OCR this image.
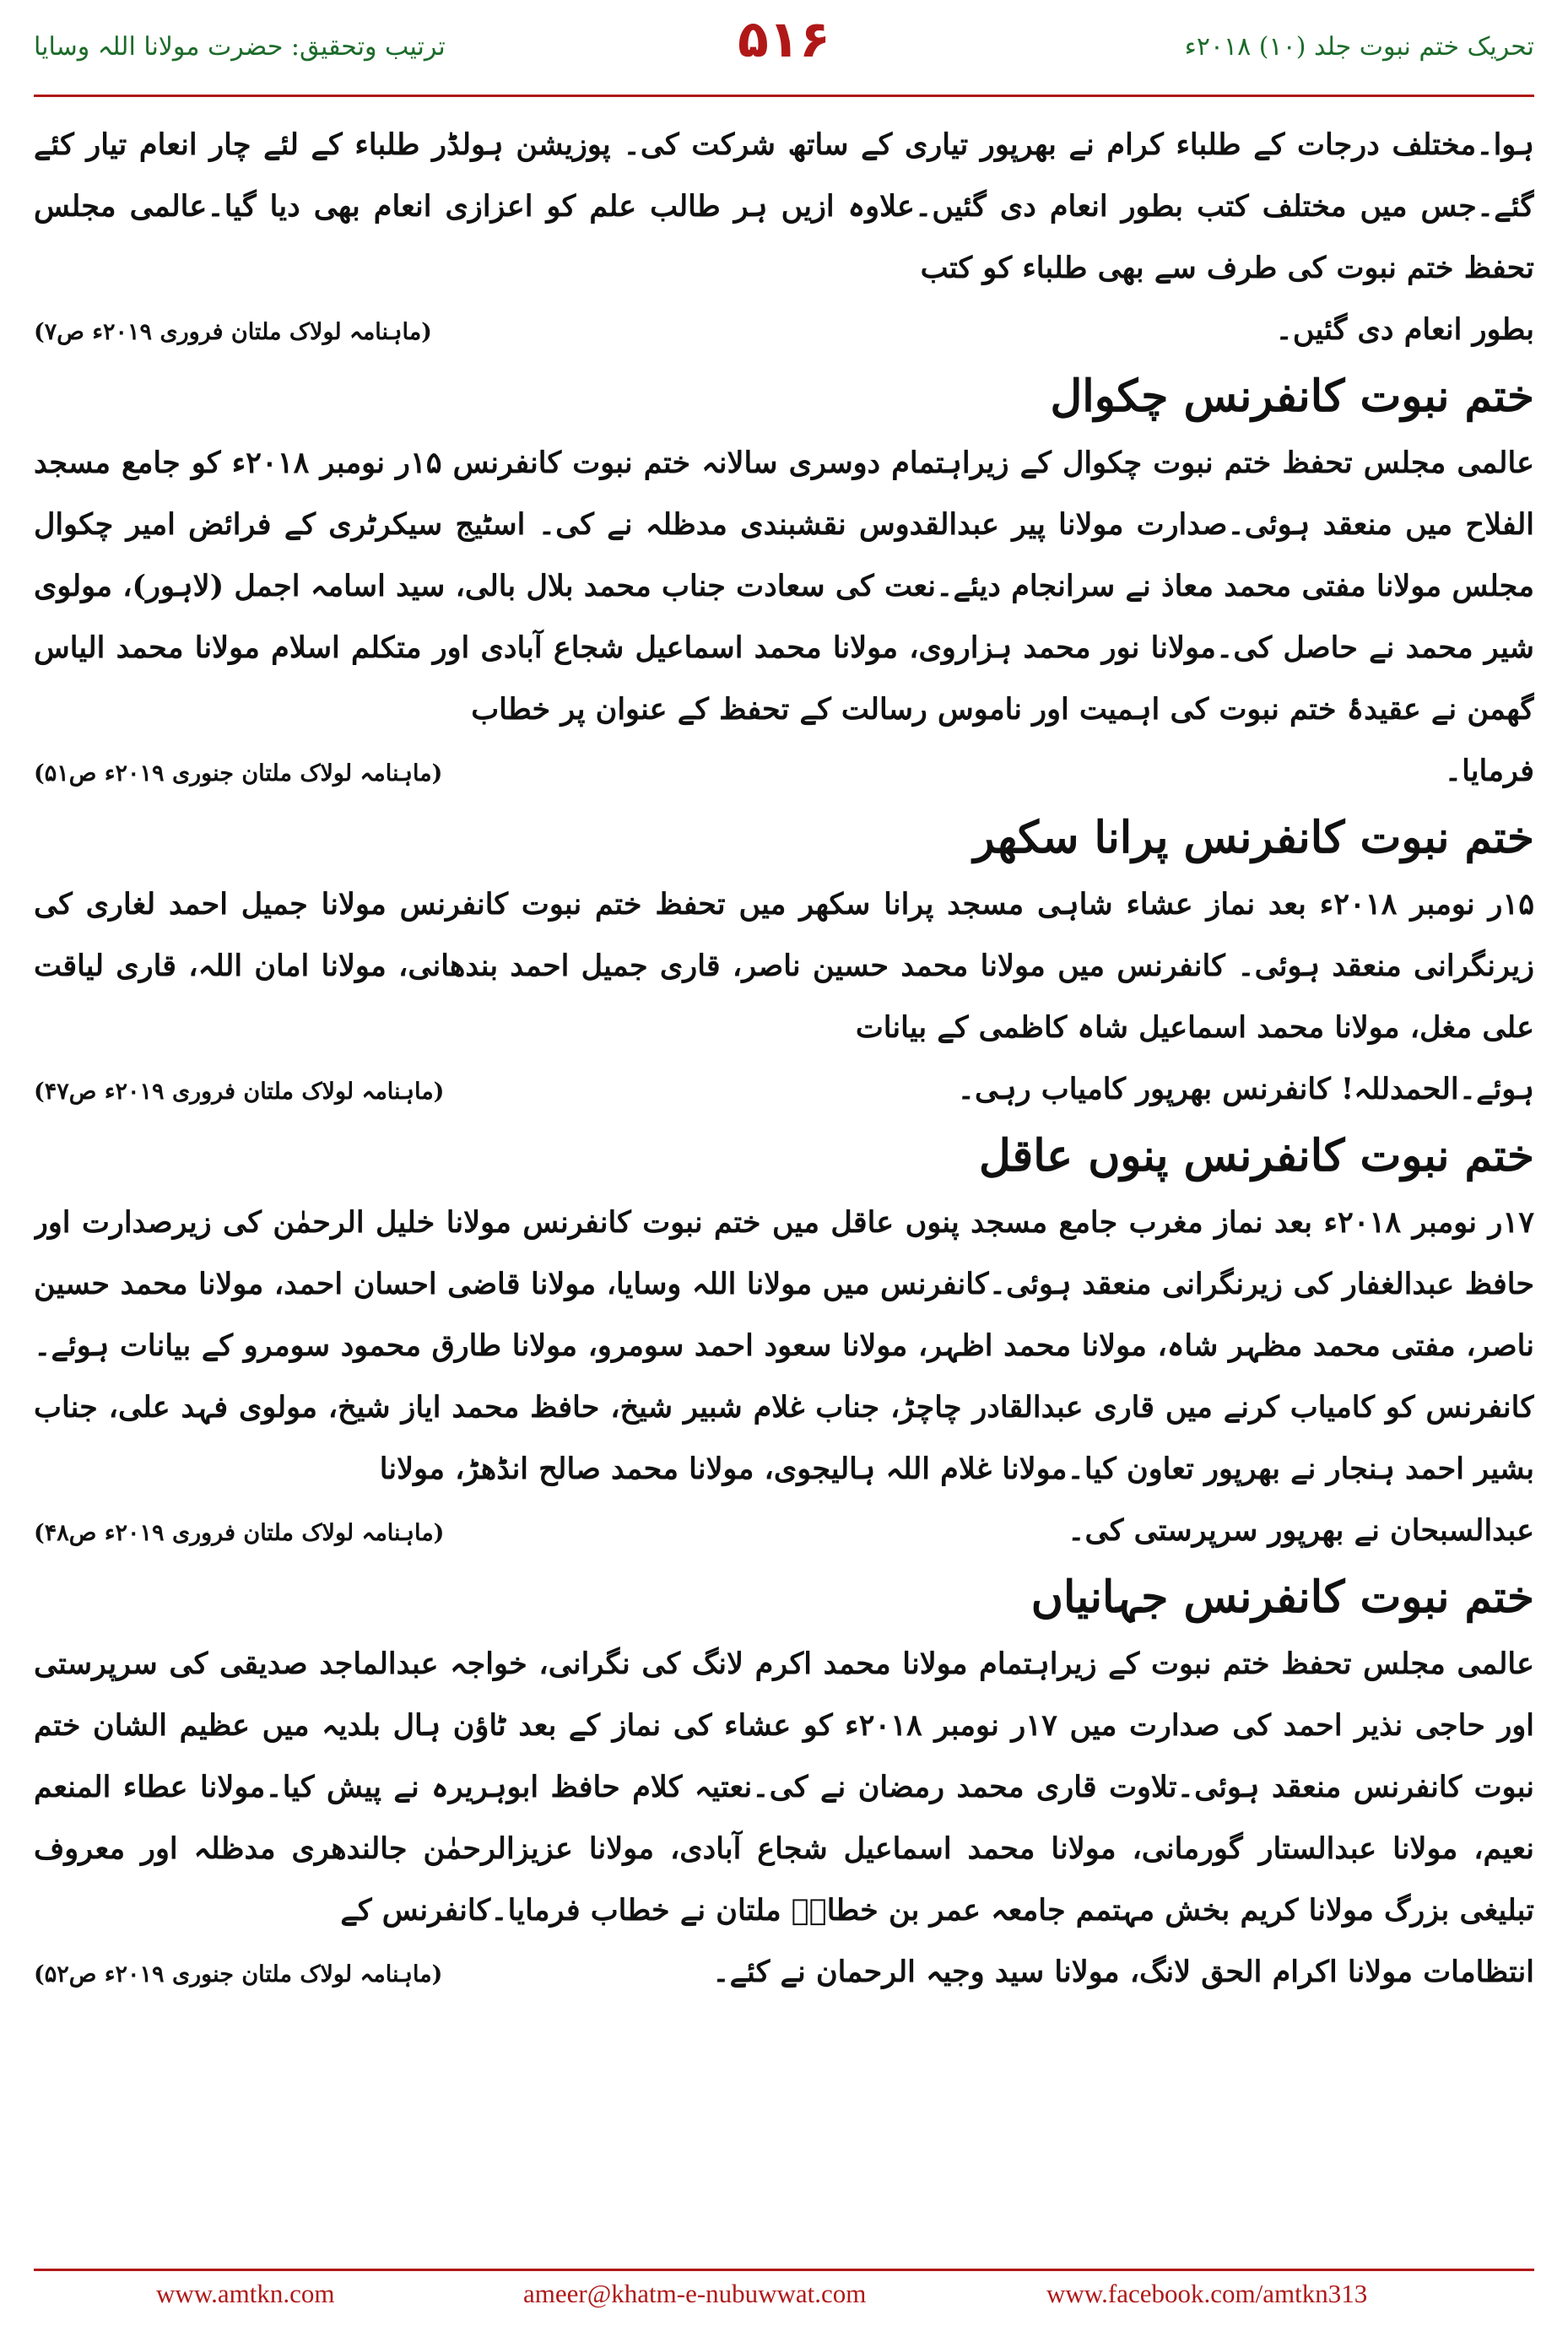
ترتیب وتحقیق: حضرت مولانا اللہ وسایا	۵۱۶	تحریک ختم نبوت جلد (۱۰) ۲۰۱۸ء

ہوا۔مختلف درجات کے طلباء کرام نے بھرپور تیاری کے ساتھ شرکت کی۔ پوزیشن ہولڈر طلباء کے لئے چار انعام تیار کئے گئے۔جس میں مختلف کتب بطور انعام دی گئیں۔علاوہ ازیں ہر طالب علم کو اعزازی انعام بھی دیا گیا۔عالمی مجلس تحفظ ختم نبوت کی طرف سے بھی طلباء کو کتب

بطور انعام دی گئیں۔
(ماہنامہ لولاک ملتان فروری ۲۰۱۹ء ص۷)
ختم نبوت کانفرنس چکوال

عالمی مجلس تحفظ ختم نبوت چکوال کے زیراہتمام دوسری سالانہ ختم نبوت کانفرنس ۱۵ر نومبر ۲۰۱۸ء کو جامع مسجد الفلاح میں منعقد ہوئی۔صدارت مولانا پیر عبدالقدوس نقشبندی مدظلہ نے کی۔ اسٹیج سیکرٹری کے فرائض امیر چکوال مجلس مولانا مفتی محمد معاذ نے سرانجام دیئے۔نعت کی سعادت جناب محمد بلال بالی، سید اسامہ اجمل (لاہور)، مولوی شیر محمد نے حاصل کی۔مولانا نور محمد ہزاروی، مولانا محمد اسماعیل شجاع آبادی اور متکلم اسلام مولانا محمد الیاس گھمن نے عقیدۂ ختم نبوت کی اہمیت اور ناموس رسالت کے تحفظ کے عنوان پر خطاب

فرمایا۔
(ماہنامہ لولاک ملتان جنوری ۲۰۱۹ء ص۵۱)
ختم نبوت کانفرنس پرانا سکھر

۱۵ر نومبر ۲۰۱۸ء بعد نماز عشاء شاہی مسجد پرانا سکھر میں تحفظ ختم نبوت کانفرنس مولانا جمیل احمد لغاری کی زیرنگرانی منعقد ہوئی۔ کانفرنس میں مولانا محمد حسین ناصر، قاری جمیل احمد بندھانی، مولانا امان اللہ، قاری لیاقت علی مغل، مولانا محمد اسماعیل شاہ کاظمی کے بیانات

ہوئے۔الحمدللہ! کانفرنس بھرپور کامیاب رہی۔
(ماہنامہ لولاک ملتان فروری ۲۰۱۹ء ص۴۷)
ختم نبوت کانفرنس پنوں عاقل

۱۷ر نومبر ۲۰۱۸ء بعد نماز مغرب جامع مسجد پنوں عاقل میں ختم نبوت کانفرنس مولانا خلیل الرحمٰن کی زیرصدارت اور حافظ عبدالغفار کی زیرنگرانی منعقد ہوئی۔کانفرنس میں مولانا اللہ وسایا، مولانا قاضی احسان احمد، مولانا محمد حسین ناصر، مفتی محمد مظہر شاہ، مولانا محمد اظہر، مولانا سعود احمد سومرو، مولانا طارق محمود سومرو کے بیانات ہوئے۔کانفرنس کو کامیاب کرنے میں قاری عبدالقادر چاچڑ، جناب غلام شبیر شیخ، حافظ محمد ایاز شیخ، مولوی فہد علی، جناب بشیر احمد ہنجار نے بھرپور تعاون کیا۔مولانا غلام اللہ ہالیجوی، مولانا محمد صالح انڈھڑ، مولانا

عبدالسبحان نے بھرپور سرپرستی کی۔
(ماہنامہ لولاک ملتان فروری ۲۰۱۹ء ص۴۸)
ختم نبوت کانفرنس جہانیاں

عالمی مجلس تحفظ ختم نبوت کے زیراہتمام مولانا محمد اکرم لانگ کی نگرانی، خواجہ عبدالماجد صدیقی کی سرپرستی اور حاجی نذیر احمد کی صدارت میں ۱۷ر نومبر ۲۰۱۸ء کو عشاء کی نماز کے بعد ٹاؤن ہال بلدیہ میں عظیم الشان ختم نبوت کانفرنس منعقد ہوئی۔تلاوت قاری محمد رمضان نے کی۔نعتیہ کلام حافظ ابوہریرہ نے پیش کیا۔مولانا عطاء المنعم نعیم، مولانا عبدالستار گورمانی، مولانا محمد اسماعیل شجاع آبادی، مولانا عزیزالرحمٰن جالندھری مدظلہ اور معروف تبلیغی بزرگ مولانا کریم بخش مہتمم جامعہ عمر بن خطابؓ ملتان نے خطاب فرمایا۔کانفرنس کے

انتظامات مولانا اکرام الحق لانگ، مولانا سید وجیہ الرحمان نے کئے۔
(ماہنامہ لولاک ملتان جنوری ۲۰۱۹ء ص۵۲)
www.amtkn.com	ameer@khatm-e-nubuwwat.com	www.facebook.com/amtkn313
